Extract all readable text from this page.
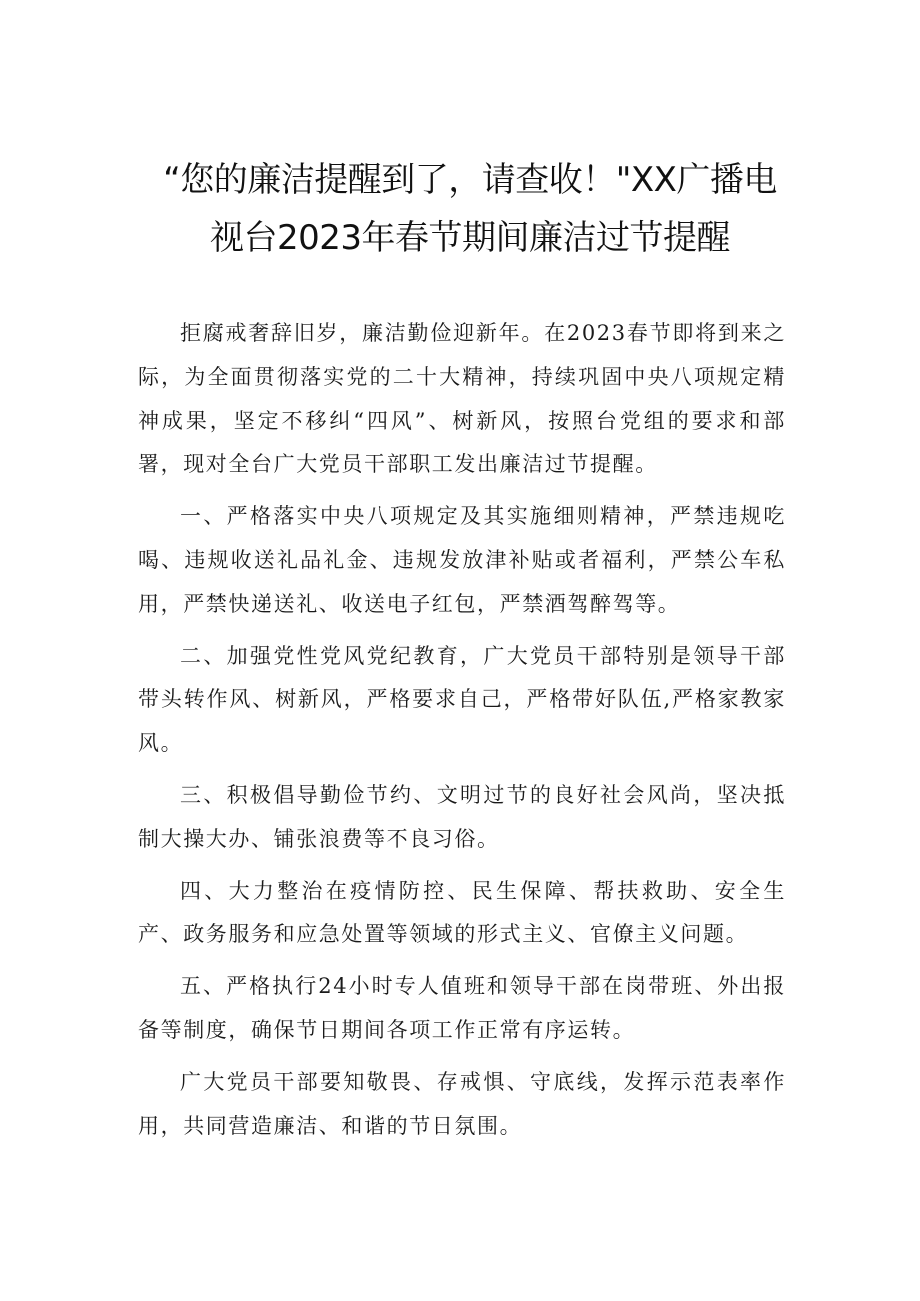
“您的廉洁提醒到了，请查收！"XX广播电
视台2023年春节期间廉洁过节提醒

拒腐戒奢辞旧岁，廉洁勤俭迎新年。在2023春节即将到来之际，为全面贯彻落实党的二十大精神，持续巩固中央八项规定精神成果，坚定不移纠“四风”、树新风，按照台党组的要求和部署，现对全台广大党员干部职工发出廉洁过节提醒。

一、严格落实中央八项规定及其实施细则精神，严禁违规吃喝、违规收送礼品礼金、违规发放津补贴或者福利，严禁公车私用，严禁快递送礼、收送电子红包，严禁酒驾醉驾等。

二、加强党性党风党纪教育，广大党员干部特别是领导干部带头转作风、树新风，严格要求自己，严格带好队伍,严格家教家风。

三、积极倡导勤俭节约、文明过节的良好社会风尚，坚决抵制大操大办、铺张浪费等不良习俗。

四、大力整治在疫情防控、民生保障、帮扶救助、安全生产、政务服务和应急处置等领域的形式主义、官僚主义问题。

五、严格执行24小时专人值班和领导干部在岗带班、外出报备等制度，确保节日期间各项工作正常有序运转。

广大党员干部要知敬畏、存戒惧、守底线，发挥示范表率作用，共同营造廉洁、和谐的节日氛围。
